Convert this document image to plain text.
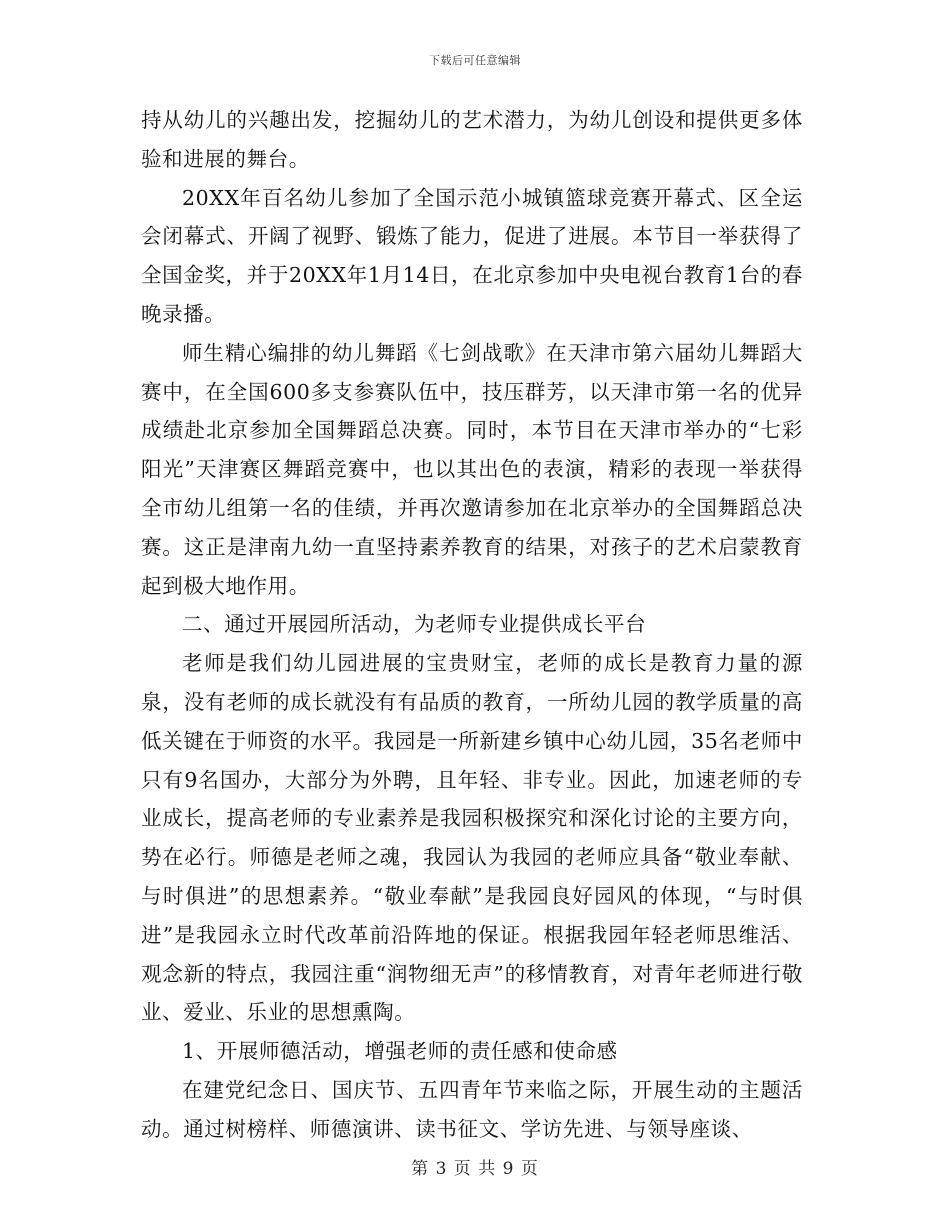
下载后可任意编辑

持从幼儿的兴趣出发，挖掘幼儿的艺术潜力，为幼儿创设和提供更多体验和进展的舞台。

20XX年百名幼儿参加了全国示范小城镇篮球竞赛开幕式、区全运会闭幕式、开阔了视野、锻炼了能力，促进了进展。本节目一举获得了全国金奖，并于20XX年1月14日，在北京参加中央电视台教育1台的春晚录播。

师生精心编排的幼儿舞蹈《七剑战歌》在天津市第六届幼儿舞蹈大赛中，在全国600多支参赛队伍中，技压群芳，以天津市第一名的优异成绩赴北京参加全国舞蹈总决赛。同时，本节目在天津市举办的“七彩阳光”天津赛区舞蹈竞赛中，也以其出色的表演，精彩的表现一举获得全市幼儿组第一名的佳绩，并再次邀请参加在北京举办的全国舞蹈总决赛。这正是津南九幼一直坚持素养教育的结果，对孩子的艺术启蒙教育起到极大地作用。

二、通过开展园所活动，为老师专业提供成长平台

老师是我们幼儿园进展的宝贵财宝，老师的成长是教育力量的源泉，没有老师的成长就没有有品质的教育，一所幼儿园的教学质量的高低关键在于师资的水平。我园是一所新建乡镇中心幼儿园，35名老师中只有9名国办，大部分为外聘，且年轻、非专业。因此，加速老师的专业成长，提高老师的专业素养是我园积极探究和深化讨论的主要方向，势在必行。师德是老师之魂，我园认为我园的老师应具备“敬业奉献、与时俱进”的思想素养。“敬业奉献”是我园良好园风的体现，“与时俱进”是我园永立时代改革前沿阵地的保证。根据我园年轻老师思维活、观念新的特点，我园注重“润物细无声”的移情教育，对青年老师进行敬业、爱业、乐业的思想熏陶。

1、开展师德活动，增强老师的责任感和使命感

在建党纪念日、国庆节、五四青年节来临之际，开展生动的主题活动。通过树榜样、师德演讲、读书征文、学访先进、与领导座谈、

第 3 页 共 9 页
